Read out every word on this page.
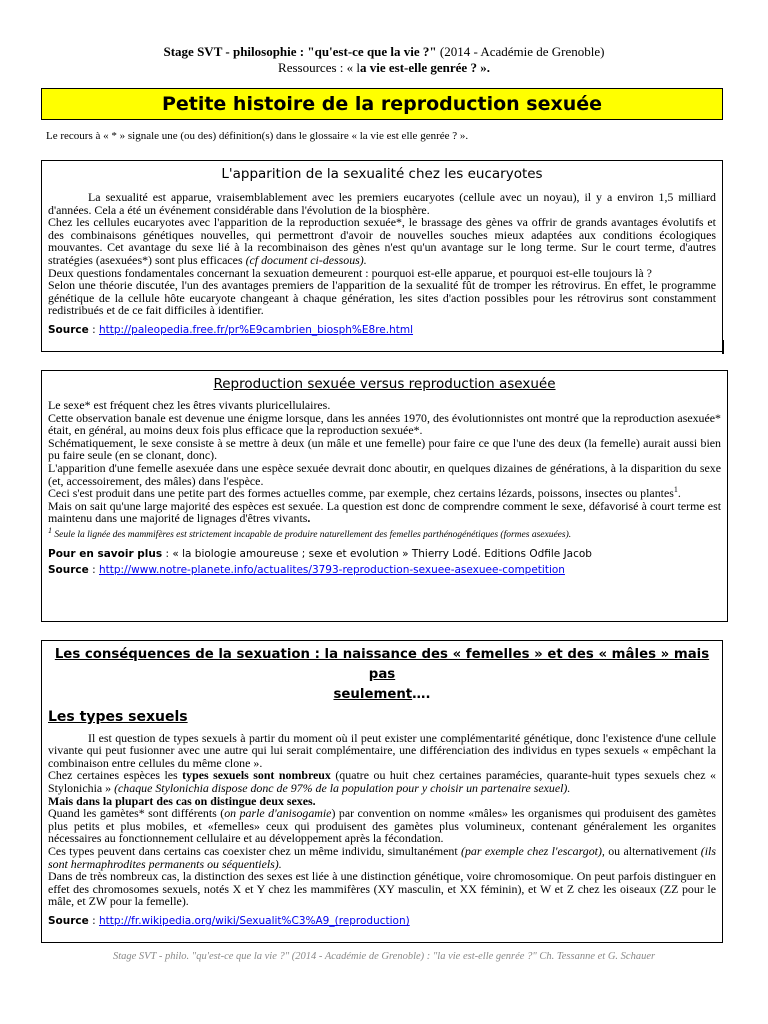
Stage SVT - philosophie : "qu'est-ce que la vie ?" (2014 - Académie de Grenoble)
Ressources : « la vie est-elle genrée ? ».
Petite histoire de la reproduction sexuée
Le recours à « * » signale une (ou des) définition(s) dans le glossaire « la vie est elle genrée ? ».
L'apparition de la sexualité chez les eucaryotes

La sexualité est apparue, vraisemblablement avec les premiers eucaryotes (cellule avec un noyau), il y a environ 1,5 milliard d'années. Cela a été un événement considérable dans l'évolution de la biosphère.

Chez les cellules eucaryotes avec l'apparition de la reproduction sexuée*, le brassage des gènes va offrir de grands avantages évolutifs et des combinaisons génétiques nouvelles, qui permettront d'avoir de nouvelles souches mieux adaptées aux conditions écologiques mouvantes. Cet avantage du sexe lié à la recombinaison des gènes n'est qu'un avantage sur le long terme. Sur le court terme, d'autres stratégies (asexuées*) sont plus efficaces (cf document ci-dessous).

Deux questions fondamentales concernant la sexuation demeurent : pourquoi est-elle apparue, et pourquoi est-elle toujours là ?

Selon une théorie discutée, l'un des avantages premiers de l'apparition de la sexualité fût de tromper les rétrovirus. En effet, le programme génétique de la cellule hôte eucaryote changeant à chaque génération, les sites d'action possibles pour les rétrovirus sont constamment redistribués et de ce fait difficiles à identifier.

Source : http://paleopedia.free.fr/pr%E9cambrien_biosph%E8re.html
Reproduction sexuée versus reproduction asexuée

Le sexe* est fréquent chez les êtres vivants pluricellulaires.

Cette observation banale est devenue une énigme lorsque, dans les années 1970, des évolutionnistes ont montré que la reproduction asexuée* était, en général, au moins deux fois plus efficace que la reproduction sexuée*.

Schématiquement, le sexe consiste à se mettre à deux (un mâle et une femelle) pour faire ce que l'une des deux (la femelle) aurait aussi bien pu faire seule (en se clonant, donc).

L'apparition d'une femelle asexuée dans une espèce sexuée devrait donc aboutir, en quelques dizaines de générations, à la disparition du sexe (et, accessoirement, des mâles) dans l'espèce.

Ceci s'est produit dans une petite part des formes actuelles comme, par exemple, chez certains lézards, poissons, insectes ou plantes$^1$.

Mais on sait qu'une large majorité des espèces est sexuée. La question est donc de comprendre comment le sexe, défavorisé à court terme est maintenu dans une majorité de lignages d'êtres vivants.

$^1$ Seule la lignée des mammifères est strictement incapable de produire naturellement des femelles parthénogénétiques (formes asexuées).
Pour en savoir plus : « la biologie amoureuse ; sexe et evolution » Thierry Lodé. Editions Odfile Jacob
Source : http://www.notre-planete.info/actualites/3793-reproduction-sexuee-asexuee-competition
Les conséquences de la sexuation : la naissance des « femelles » et des « mâles » mais pas
seulement….
Les types sexuels

Il est question de types sexuels à partir du moment où il peut exister une complémentarité génétique, donc l'existence d'une cellule vivante qui peut fusionner avec une autre qui lui serait complémentaire, une différenciation des individus en types sexuels « empêchant la combinaison entre cellules du même clone ».

Chez certaines espèces les types sexuels sont nombreux (quatre ou huit chez certaines paramécies, quarante-huit types sexuels chez « Stylonichia » (chaque Stylonichia dispose donc de 97% de la population pour y choisir un partenaire sexuel).

Mais dans la plupart des cas on distingue deux sexes.

Quand les gamètes* sont différents (on parle d'anisogamie) par convention on nomme «mâles» les organismes qui produisent des gamètes plus petits et plus mobiles, et «femelles» ceux qui produisent des gamètes plus volumineux, contenant généralement les organites nécessaires au fonctionnement cellulaire et au développement après la fécondation.

Ces types peuvent dans certains cas coexister chez un même individu, simultanément (par exemple chez l'escargot), ou alternativement (ils sont hermaphrodites permanents ou séquentiels).

Dans de très nombreux cas, la distinction des sexes est liée à une distinction génétique, voire chromosomique. On peut parfois distinguer en effet des chromosomes sexuels, notés X et Y chez les mammifères (XY masculin, et XX féminin), et W et Z chez les oiseaux (ZZ pour le mâle, et ZW pour la femelle).

Source : http://fr.wikipedia.org/wiki/Sexualit%C3%A9_(reproduction)
Stage SVT - philo. "qu'est-ce que la vie ?" (2014 - Académie de Grenoble) : "la vie est-elle genrée ?" Ch. Tessanne et G. Schauer
